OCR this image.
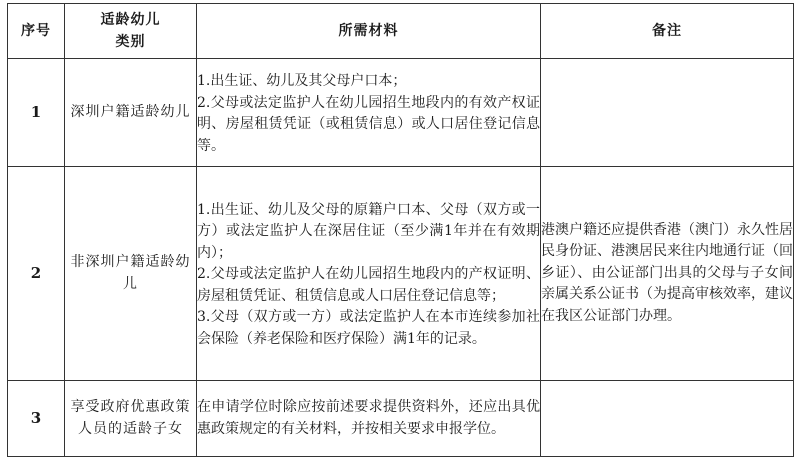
序号	适龄幼儿类别	所需材料	备注
1	深圳户籍适龄幼儿	1.出生证、幼儿及其父母户口本；
2.父母或法定监护人在幼儿园招生地段内的有效产权证明、房屋租赁凭证（或租赁信息）或人口居住登记信息等。	

2	非深圳户籍适龄幼儿	1.出生证、幼儿及父母的原籍户口本、父母（双方或一方）或法定监护人在深居住证（至少满1年并在有效期内）；
2.父母或法定监护人在幼儿园招生地段内的产权证明、房屋租赁凭证、租赁信息或人口居住登记信息等；
3.父母（双方或一方）或法定监护人在本市连续参加社会保险（养老保险和医疗保险）满1年的记录。	港澳户籍还应提供香港（澳门）永久性居民身份证、港澳居民来往内地通行证（回乡证）、由公证部门出具的父母与子女间亲属关系公证书（为提高审核效率，建议在我区公证部门办理。
3	享受政府优惠政策人员的适龄子女	在申请学位时除应按前述要求提供资料外，还应出具优惠政策规定的有关材料，并按相关要求申报学位。	
